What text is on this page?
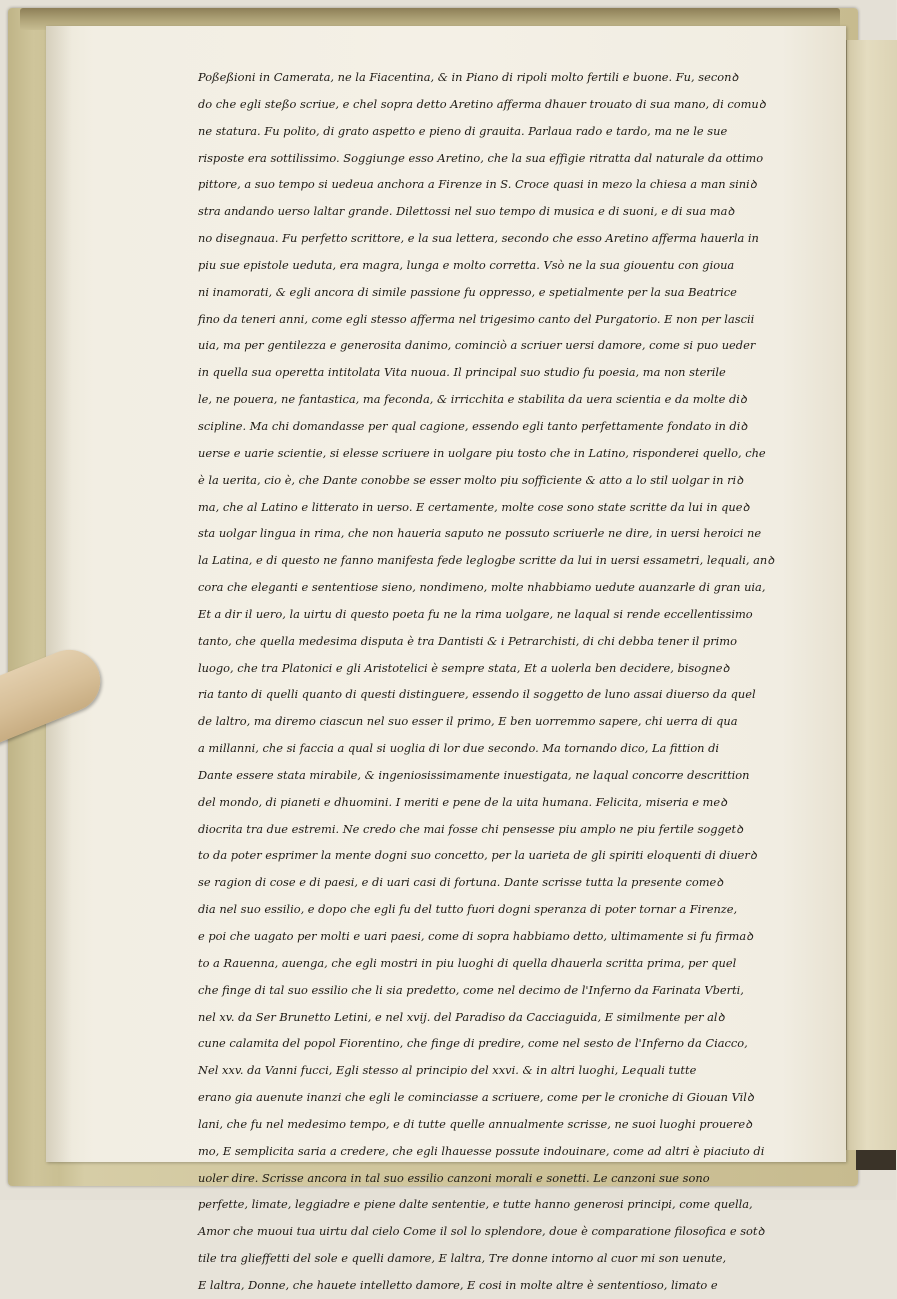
Poßeßioni in Camerata, ne la Fiacentina, & in Piano di ripoli molto fertili e buone. Fu, seconꝺ
do che egli steßo scriue, e chel sopra detto Aretino afferma dhauer trouato di sua mano, di comuꝺ
ne statura. Fu polito, di grato aspetto e pieno di grauita. Parlaua rado e tardo, ma ne le sue
risposte era sottilissimo. Soggiunge esso Aretino, che la sua effigie ritratta dal naturale da ottimo
pittore, a suo tempo si uedeua anchora a Firenze in S. Croce quasi in mezo la chiesa a man siniꝺ
stra andando uerso laltar grande. Dilettossi nel suo tempo di musica e di suoni, e di sua maꝺ
no disegnaua. Fu perfetto scrittore, e la sua lettera, secondo che esso Aretino afferma hauerla in
piu sue epistole ueduta, era magra, lunga e molto corretta. Vsò ne la sua giouentu con gioua
ni inamorati, & egli ancora di simile passione fu oppresso, e spetialmente per la sua Beatrice
fino da teneri anni, come egli stesso afferma nel trigesimo canto del Purgatorio. E non per lascii
uia, ma per gentilezza e generosita danimo, cominciò a scriuer uersi damore, come si puo ueder
in quella sua operetta intitolata Vita nuoua. Il principal suo studio fu poesia, ma non sterile
le, ne pouera, ne fantastica, ma feconda, & irricchita e stabilita da uera scientia e da molte diꝺ
scipline. Ma chi domandasse per qual cagione, essendo egli tanto perfettamente fondato in diꝺ
uerse e uarie scientie, si elesse scriuere in uolgare piu tosto che in Latino, risponderei quello, che
è la uerita, cio è, che Dante conobbe se esser molto piu sofficiente & atto a lo stil uolgar in riꝺ
ma, che al Latino e litterato in uerso. E certamente, molte cose sono state scritte da lui in queꝺ
sta uolgar lingua in rima, che non haueria saputo ne possuto scriuerle ne dire, in uersi heroici ne
la Latina, e di questo ne fanno manifesta fede leglogbe scritte da lui in uersi essametri, lequali, anꝺ
cora che eleganti e sententiose sieno, nondimeno, molte nhabbiamo uedute auanzarle di gran uia,
Et a dir il uero, la uirtu di questo poeta fu ne la rima uolgare, ne laqual si rende eccellentissimo
tanto, che quella medesima disputa è tra Dantisti & i Petrarchisti, di chi debba tener il primo
luogo, che tra Platonici e gli Aristotelici è sempre stata, Et a uolerla ben decidere, bisogneꝺ
ria tanto di quelli quanto di questi distinguere, essendo il soggetto de luno assai diuerso da quel
de laltro, ma diremo ciascun nel suo esser il primo, E ben uorremmo sapere, chi uerra di qua
a millanni, che si faccia a qual si uoglia di lor due secondo. Ma tornando dico, La fittion di
Dante essere stata mirabile, & ingeniosissimamente inuestigata, ne laqual concorre descrittion
del mondo, di pianeti e dhuomini. I meriti e pene de la uita humana. Felicita, miseria e meꝺ
diocrita tra due estremi. Ne credo che mai fosse chi pensesse piu amplo ne piu fertile soggetꝺ
to da poter esprimer la mente dogni suo concetto, per la uarieta de gli spiriti eloquenti di diuerꝺ
se ragion di cose e di paesi, e di uari casi di fortuna. Dante scrisse tutta la presente comeꝺ
dia nel suo essilio, e dopo che egli fu del tutto fuori dogni speranza di poter tornar a Firenze,
e poi che uagato per molti e uari paesi, come di sopra habbiamo detto, ultimamente si fu firmaꝺ
to a Rauenna, auenga, che egli mostri in piu luoghi di quella dhauerla scritta prima, per quel
che finge di tal suo essilio che li sia predetto, come nel decimo de l'Inferno da Farinata Vberti,
nel xv. da Ser Brunetto Letini, e nel xvij. del Paradiso da Cacciaguida, E similmente per alꝺ
cune calamita del popol Fiorentino, che finge di predire, come nel sesto de l'Inferno da Ciacco,
Nel xxv. da Vanni fucci, Egli stesso al principio del xxvi. & in altri luoghi, Lequali tutte
erano gia auenute inanzi che egli le cominciasse a scriuere, come per le croniche di Giouan Vilꝺ
lani, che fu nel medesimo tempo, e di tutte quelle annualmente scrisse, ne suoi luoghi prouereꝺ
mo, E semplicita saria a credere, che egli lhauesse possute indouinare, come ad altri è piaciuto di
uoler dire. Scrisse ancora in tal suo essilio canzoni morali e sonetti. Le canzoni sue sono
perfette, limate, leggiadre e piene dalte sententie, e tutte hanno generosi principi, come quella,
Amor che muoui tua uirtu dal cielo Come il sol lo splendore, doue è comparatione filosofica e sotꝺ
tile tra glieffetti del sole e quelli damore, E laltra, Tre donne intorno al cuor mi son uenute,
E laltra, Donne, che hauete intelletto damore, E cosi in molte altre è sententioso, limato e
